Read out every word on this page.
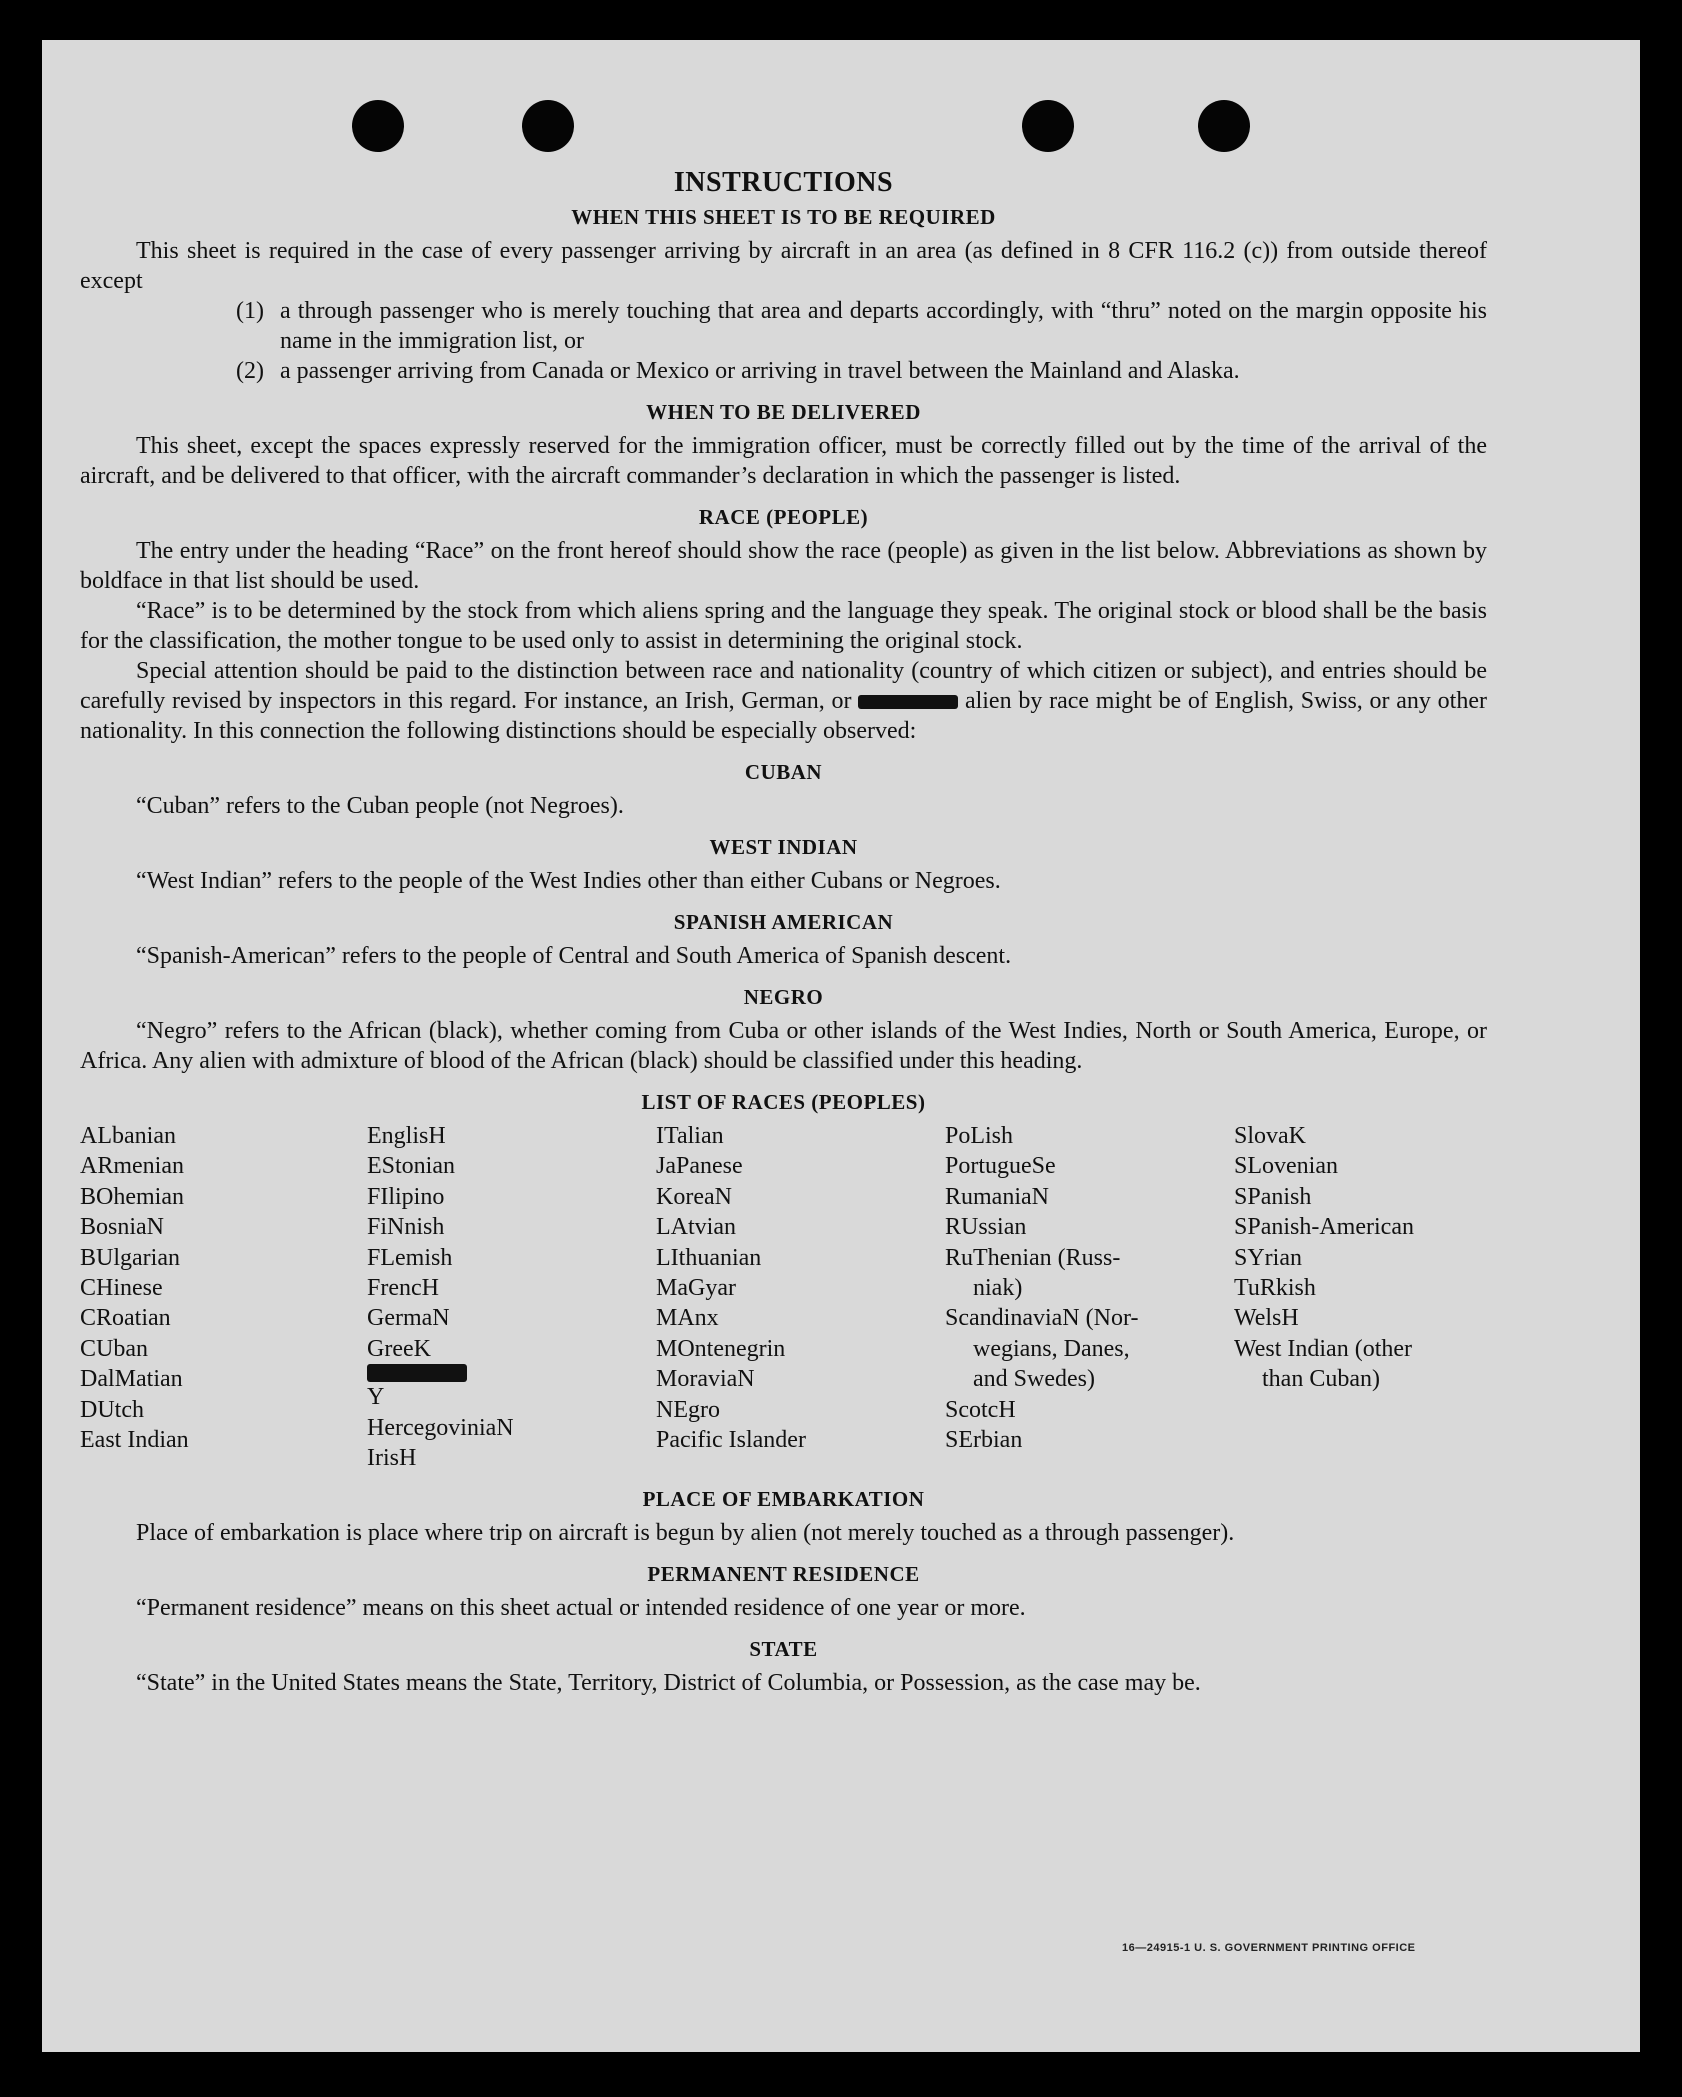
INSTRUCTIONS
WHEN THIS SHEET IS TO BE REQUIRED

This sheet is required in the case of every passenger arriving by aircraft in an area (as defined in 8 CFR 116.2 (c)) from outside thereof except

(1) a through passenger who is merely touching that area and departs accordingly, with “thru” noted on the margin opposite his name in the immigration list, or
(2) a passenger arriving from Canada or Mexico or arriving in travel between the Mainland and Alaska.
WHEN TO BE DELIVERED

This sheet, except the spaces expressly reserved for the immigration officer, must be correctly filled out by the time of the arrival of the aircraft, and be delivered to that officer, with the aircraft commander’s declaration in which the passenger is listed.

RACE (PEOPLE)

The entry under the heading “Race” on the front hereof should show the race (people) as given in the list below. Abbreviations as shown by boldface in that list should be used.

“Race” is to be determined by the stock from which aliens spring and the language they speak. The original stock or blood shall be the basis for the classification, the mother tongue to be used only to assist in determining the original stock.

Special attention should be paid to the distinction between race and nationality (country of which citizen or subject), and entries should be carefully revised by inspectors in this regard. For instance, an Irish, German, or	alien by race might be of English, Swiss, or any other nationality. In this connection the following distinctions should be especially observed:

CUBAN

“Cuban” refers to the Cuban people (not Negroes).

WEST INDIAN

“West Indian” refers to the people of the West Indies other than either Cubans or Negroes.

SPANISH AMERICAN

“Spanish-American” refers to the people of Central and South America of Spanish descent.

NEGRO

“Negro” refers to the African (black), whether coming from Cuba or other islands of the West Indies, North or South America, Europe, or Africa. Any alien with admixture of blood of the African (black) should be classified under this heading.

LIST OF RACES (PEOPLES)
ALbanian
ARmenian
BOhemian
BosniaN
BUlgarian
CHinese
CRoatian
CUban
DalMatian
DUtch
East Indian
EnglisH
EStonian
FIlipino
FiNnish
FLemish
FrencH
GermaN
GreeK
Y
HercegoviniaN
IrisH
ITalian
JaPanese
KoreaN
LAtvian
LIthuanian
MaGyar
MAnx
MOntenegrin
MoraviaN
NEgro
Pacific Islander
PoLish
PortugueSe
RumaniaN
RUssian
RuThenian (Russ-
niak)
ScandinaviaN (Nor-
wegians, Danes,
and Swedes)
ScotcH
SErbian
SlovaK
SLovenian
SPanish
SPanish-American
SYrian
TuRkish
WelsH
West Indian (other
than Cuban)
PLACE OF EMBARKATION

Place of embarkation is place where trip on aircraft is begun by alien (not merely touched as a through passenger).

PERMANENT RESIDENCE

“Permanent residence” means on this sheet actual or intended residence of one year or more.

STATE

“State” in the United States means the State, Territory, District of Columbia, or Possession, as the case may be.

16—24915-1 U. S. GOVERNMENT PRINTING OFFICE
